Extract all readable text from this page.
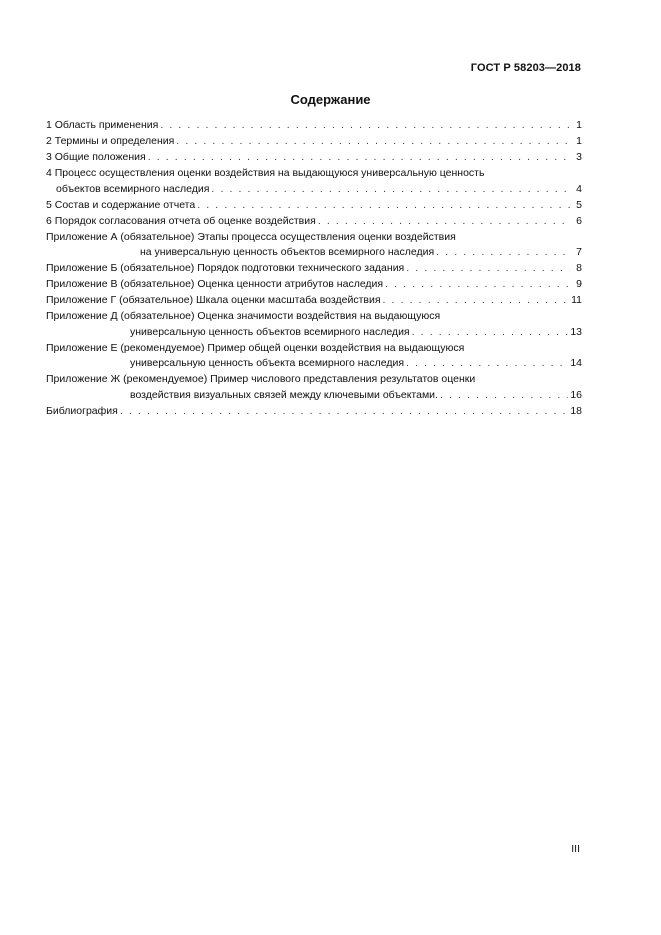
ГОСТ Р 58203—2018
Содержание
1 Область применения . . .	1
2 Термины и определения . . .	1
3 Общие положения . . .	3
4 Процесс осуществления оценки воздействия на выдающуюся универсальную ценность
объектов всемирного наследия . . .	4
5 Состав и содержание отчета . . .	5
6 Порядок согласования отчета об оценке воздействия . . .	6
Приложение А (обязательное) Этапы процесса осуществления оценки воздействия
на универсальную ценность объектов всемирного наследия . . .	7
Приложение Б (обязательное) Порядок подготовки технического задания . . .	8
Приложение В (обязательное) Оценка ценности атрибутов наследия . . .	9
Приложение Г (обязательное) Шкала оценки масштаба воздействия . . .	11
Приложение Д (обязательное) Оценка значимости воздействия на выдающуюся
универсальную ценность объектов всемирного наследия . . .	13
Приложение Е (рекомендуемое) Пример общей оценки воздействия на выдающуюся
универсальную ценность объекта всемирного наследия . . .	14
Приложение Ж (рекомендуемое) Пример числового представления результатов оценки
воздействия визуальных связей между ключевыми объектами. . . .	16
Библиография . . .	18
III
